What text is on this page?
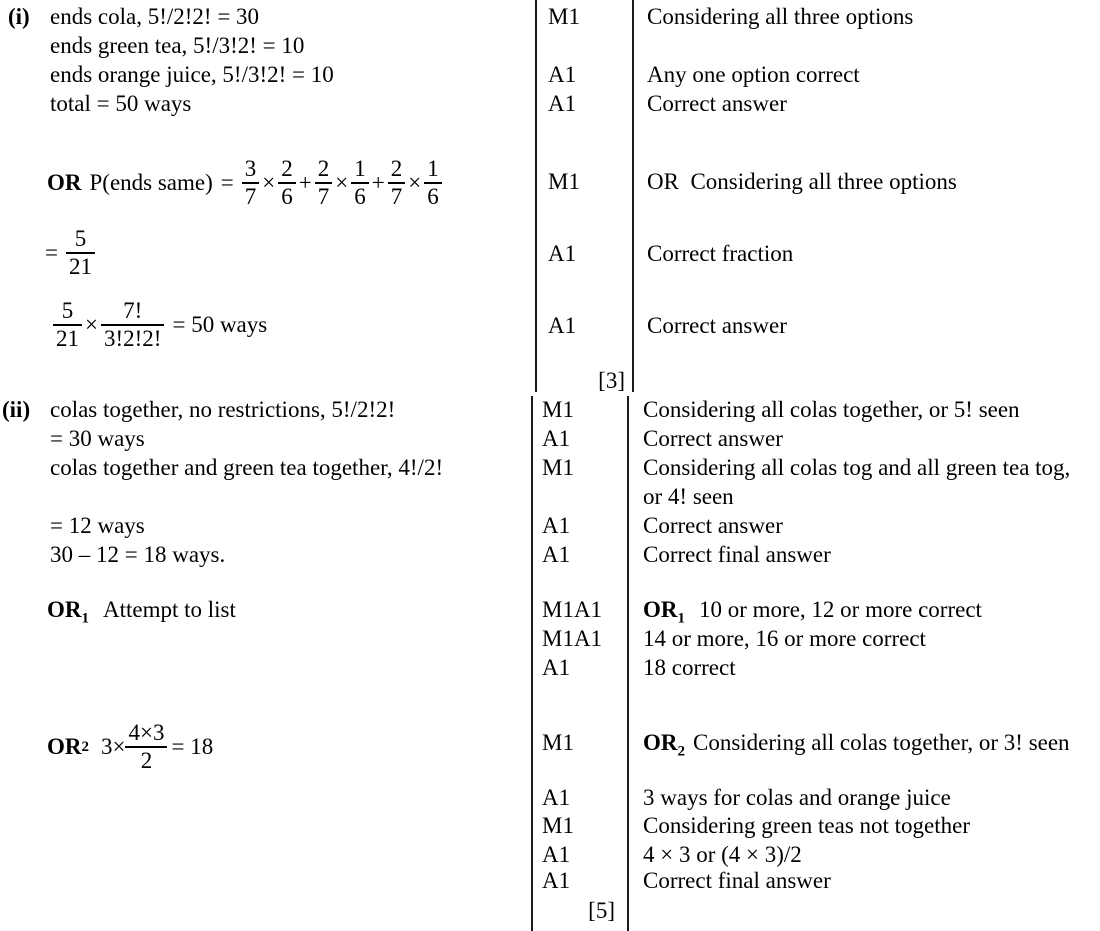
(i) ends cola, 5!/2!2! = 30
ends green tea, 5!/3!2! = 10
ends orange juice, 5!/3!2! = 10
total = 50 ways
OR P(ends same) = $\frac{3}{7} \times \frac{2}{6} + \frac{2}{7} \times \frac{1}{6} + \frac{2}{7} \times \frac{1}{6}$
= $\frac{5}{21}$
$\frac{5}{21} \times \frac{7!}{3!2!2!} = 50$ ways
M1
A1
A1
M1
A1
A1
[3]
Considering all three options
Any one option correct
Correct answer
OR  Considering all three options
Correct fraction
Correct answer
(ii) colas together, no restrictions, 5!/2!2!
= 30 ways
colas together and green tea together, 4!/2!
= 12 ways
30 – 12 = 18 ways.
$OR_1$ Attempt to list
OR 2 $3\times \frac{4\times 3}{2} = 18$
M1
A1
M1
A1
A1
Considering all colas together, or 5! seen
Correct answer
Considering all colas tog and all green tea tog,
or 4! seen
Correct answer
Correct final answer
M1A1
M1A1
A1
$OR_1$ 10 or more, 12 or more correct
14 or more, 16 or more correct
18 correct
M1
A1
M1
A1
A1
[5]
$OR_2$ Considering all colas together, or 3! seen
3 ways for colas and orange juice
Considering green teas not together
4 × 3 or (4 × 3)/2
Correct final answer
